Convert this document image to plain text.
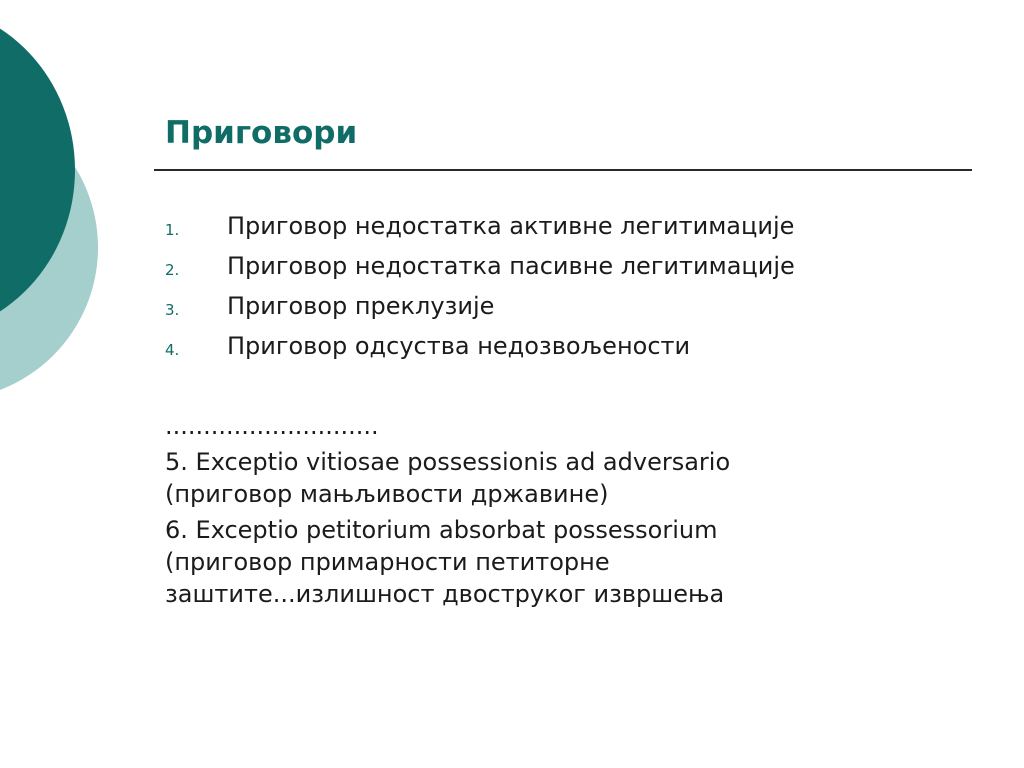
Приговори
1. Приговор недостатка активне легитимације
2. Приговор недостатка пасивне легитимације
3. Приговор преклузије
4. Приговор одсуства недозвољености
............................
5. Exceptio vitiosae possessionis ad adversario
(приговор мањљивости државине)
6. Exceptio petitorium absorbat possessorium
(приговор примарности петиторне
заштите...излишност двоструког извршења
